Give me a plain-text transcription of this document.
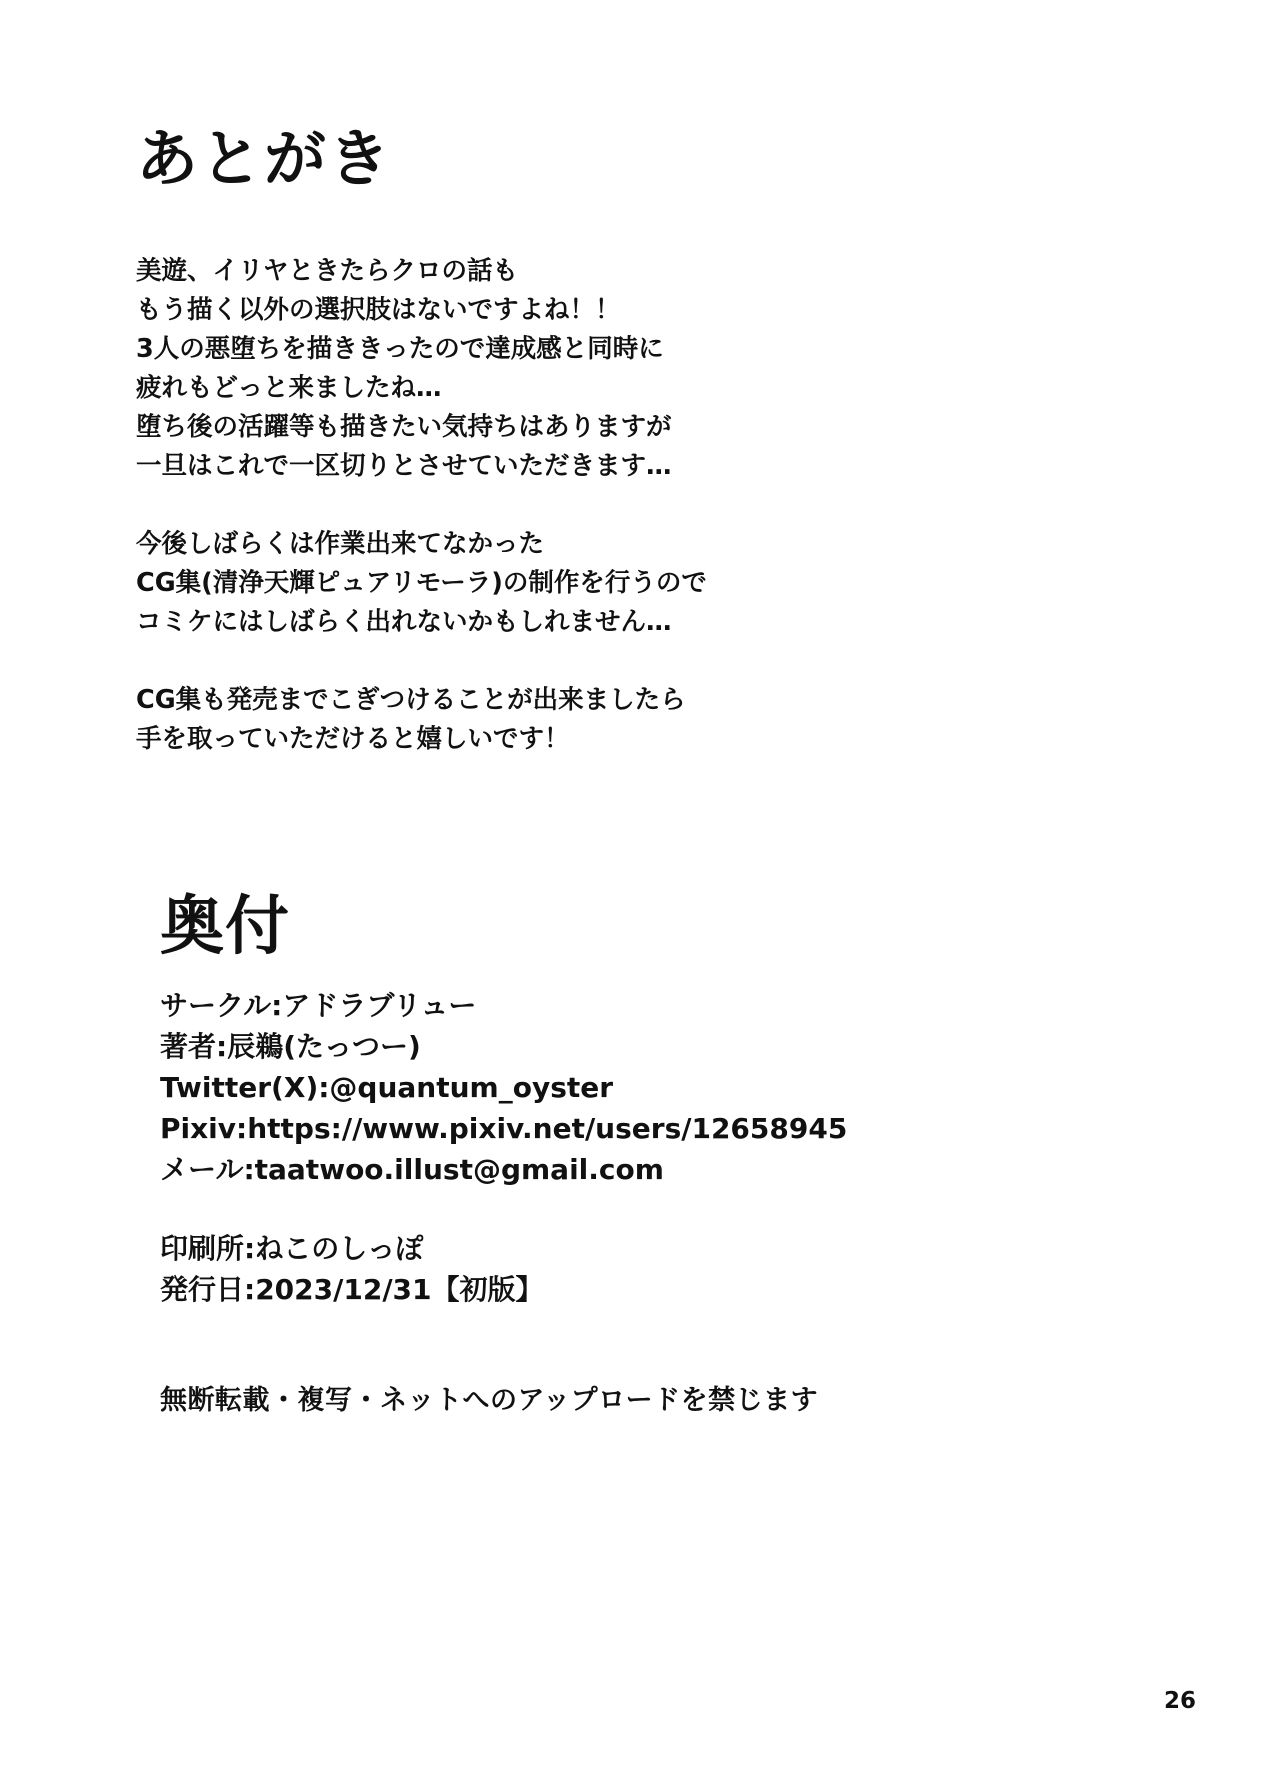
あとがき

美遊、イリヤときたらクロの話も
もう描く以外の選択肢はないですよね！！
3人の悪堕ちを描ききったので達成感と同時に
疲れもどっと来ましたね…
堕ち後の活躍等も描きたい気持ちはありますが
一旦はこれで一区切りとさせていただきます…

今後しばらくは作業出来てなかった
CG集(清浄天輝ピュアリモーラ)の制作を行うので
コミケにはしばらく出れないかもしれません…

CG集も発売までこぎつけることが出来ましたら
手を取っていただけると嬉しいです！

奥付
サークル:アドラブリュー
著者:辰鵜(たっつー)
Twitter(X):@quantum_oyster
Pixiv:https://www.pixiv.net/users/12658945
メール:taatwoo.illust@gmail.com
印刷所:ねこのしっぽ
発行日:2023/12/31【初版】
無断転載・複写・ネットへのアップロードを禁じます
26
